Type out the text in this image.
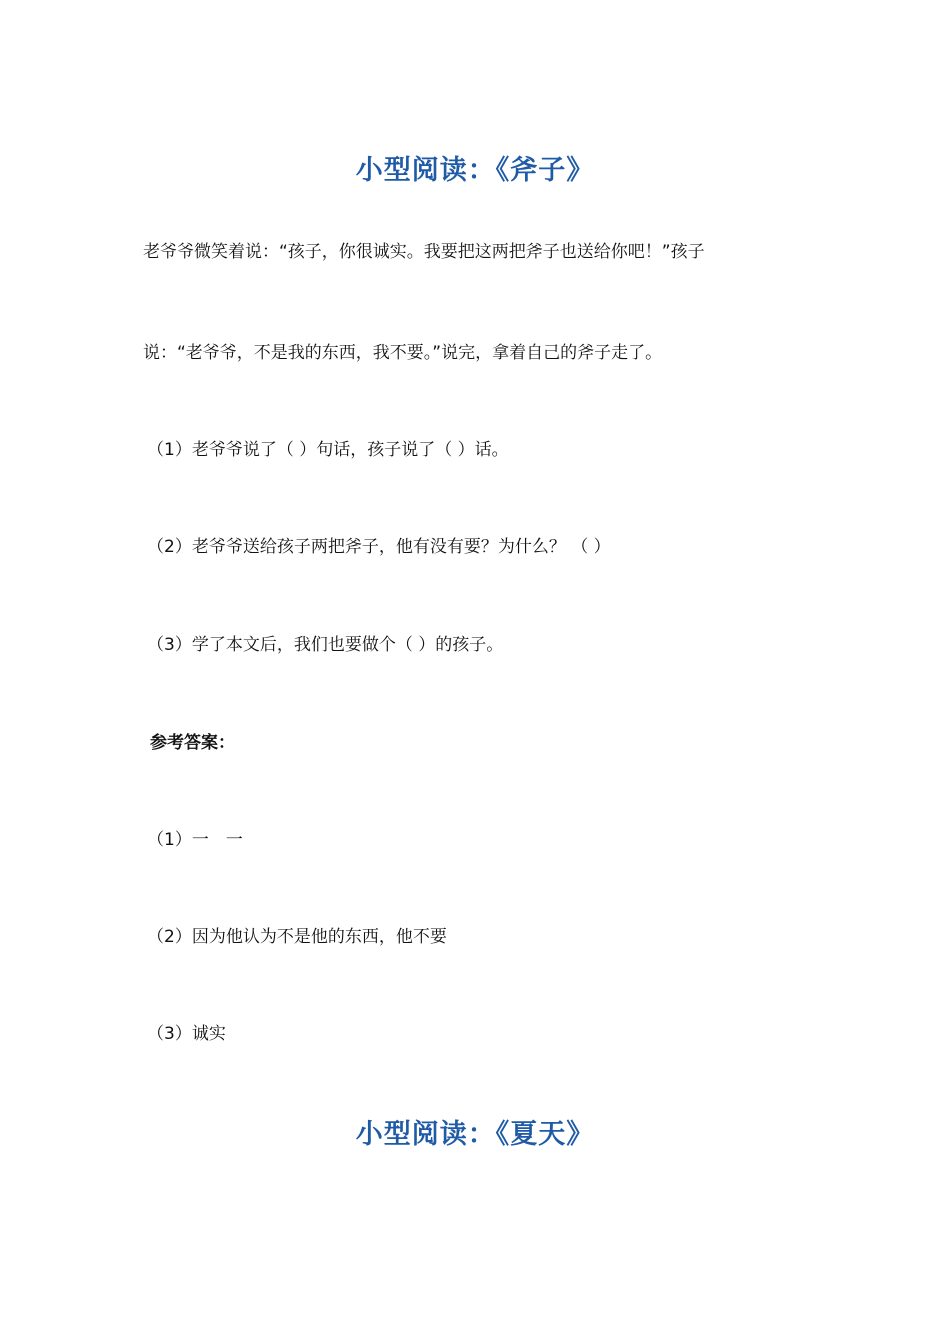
小型阅读：《斧子》
老爷爷微笑着说：“孩子，你很诚实。我要把这两把斧子也送给你吧！”孩子
说：“老爷爷，不是我的东西，我不要。”说完，拿着自己的斧子走了。
（1）老爷爷说了（ ）句话，孩子说了（ ）话。
（2）老爷爷送给孩子两把斧子，他有没有要？为什么？ （ ）
（3）学了本文后，我们也要做个（ ）的孩子。
参考答案：
（1）一　一
（2）因为他认为不是他的东西，他不要
（3）诚实
小型阅读：《夏天》
